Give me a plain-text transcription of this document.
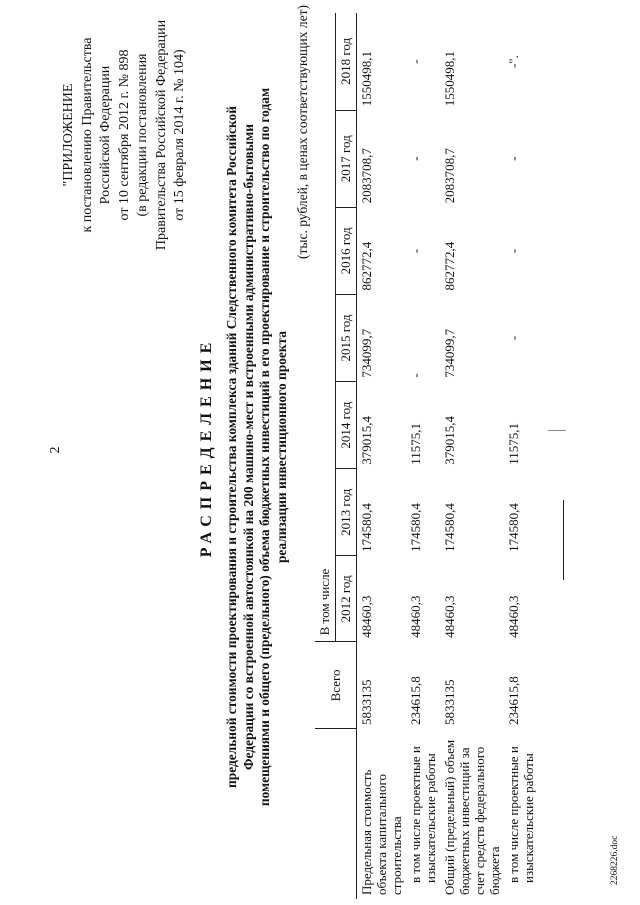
2
"ПРИЛОЖЕНИЕ к постановлению Правительства Российской Федерации от 10 сентября 2012 г. № 898 (в редакции постановления Правительства Российской Федерации от 15 февраля 2014 г. № 104)
РАСПРЕДЕЛЕНИЕ предельной стоимости проектирования и строительства комплекса зданий Следственного комитета Российской Федерации со встроенной автостоянкой на 200 машино-мест и встроенными административно-бытовыми помещениями и общего (предельного) объема бюджетных инвестиций в его проектирование и строительство по годам реализации инвестиционного проекта
(тыс. рублей, в ценах соответствующих лет)
	Всего	В том числе						
		2012 год	2013 год	2014 год	2015 год	2016 год	2017 год	2018 год
Предельная стоимость объекта капитального строительства	5833135	48460,3	174580,4	379015,4	734099,7	862772,4	2083708,7	1550498,1
в том числе проектные и изыскательские работы	234615,8	48460,3	174580,4	11575,1	-	-	-	-
Общий (предельный) объем бюджетных инвестиций за счет средств федерального бюджета	5833135	48460,3	174580,4	379015,4	734099,7	862772,4	2083708,7	1550498,1
в том числе проектные и изыскательские работы	234615,8	48460,3	174580,4	11575,1	-	-	-	-".
2268226.doc
